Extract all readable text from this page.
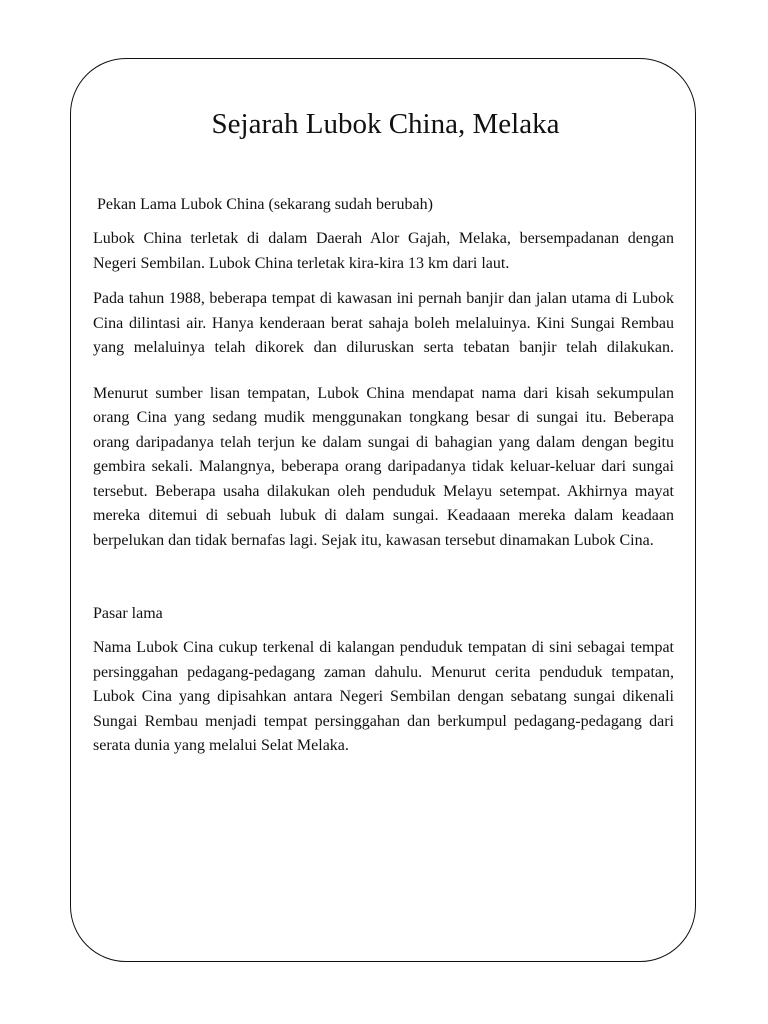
Sejarah Lubok China, Melaka

Pekan Lama Lubok China (sekarang sudah berubah)

Lubok China terletak di dalam Daerah Alor Gajah, Melaka, bersempadanan dengan Negeri Sembilan. Lubok China terletak kira-kira 13 km dari laut.

Pada tahun 1988, beberapa tempat di kawasan ini pernah banjir dan jalan utama di Lubok Cina dilintasi air. Hanya kenderaan berat sahaja boleh melaluinya. Kini Sungai Rembau yang melaluinya telah dikorek dan diluruskan serta tebatan banjir telah dilakukan.

Menurut sumber lisan tempatan, Lubok China mendapat nama dari kisah sekumpulan orang Cina yang sedang mudik menggunakan tongkang besar di sungai itu. Beberapa orang daripadanya telah terjun ke dalam sungai di bahagian yang dalam dengan begitu gembira sekali. Malangnya, beberapa orang daripadanya tidak keluar-keluar dari sungai tersebut. Beberapa usaha dilakukan oleh penduduk Melayu setempat. Akhirnya mayat mereka ditemui di sebuah lubuk di dalam sungai. Keadaaan mereka dalam keadaan berpelukan dan tidak bernafas lagi. Sejak itu, kawasan tersebut dinamakan Lubok Cina.

Pasar lama

Nama Lubok Cina cukup terkenal di kalangan penduduk tempatan di sini sebagai tempat persinggahan pedagang-pedagang zaman dahulu. Menurut cerita penduduk tempatan, Lubok Cina yang dipisahkan antara Negeri Sembilan dengan sebatang sungai dikenali Sungai Rembau menjadi tempat persinggahan dan berkumpul pedagang-pedagang dari serata dunia yang melalui Selat Melaka.
